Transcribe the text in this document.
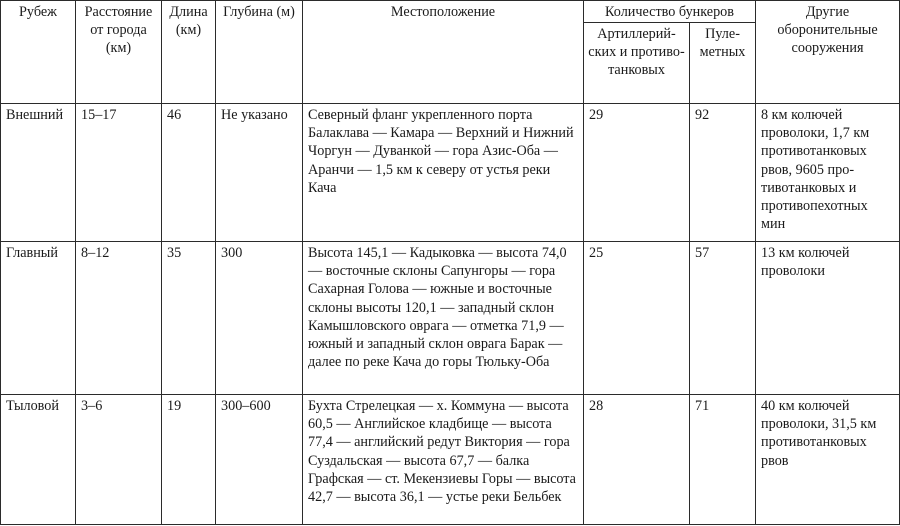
Рубеж	Расстояние от города (км)	Длина (км)	Глубина (м)	Местоположение	Количество бункеров		Другие оборонительные сооружения
					Артиллерийских и противотанковых	Пулеметных	
Внешний	15–17	46	Не указано	Северный фланг укрепленного порта Балаклава — Камара — Верхний и Нижний Чоргун — Дуванкой — гора Азис-Оба — Аранчи — 1,5 км к северу от устья реки Кача	29	92	8 км колючей проволоки, 1,7 км противотанковых рвов, 9605 противотанковых и противопехотных мин
Главный	8–12	35	300	Высота 145,1 — Кадыковка — высота 74,0 — восточные склоны Сапунгоры — гора Сахарная Голова — южные и восточные склоны высоты 120,1 — западный склон Камышловского оврага — отметка 71,9 — южный и западный склон оврага Барак — далее по реке Кача до горы Тюльку-Оба	25	57	13 км колючей проволоки
Тыловой	3–6	19	300–600	Бухта Стрелецкая — х. Коммуна — высота 60,5 — Английское кладбище — высота 77,4 — английский редут Виктория — гора Суздальская — высота 67,7 — балка Графская — ст. Мекензиевы Горы — высота 42,7 — высота 36,1 — устье реки Бельбек	28	71	40 км колючей проволоки, 31,5 км противотанковых рвов
